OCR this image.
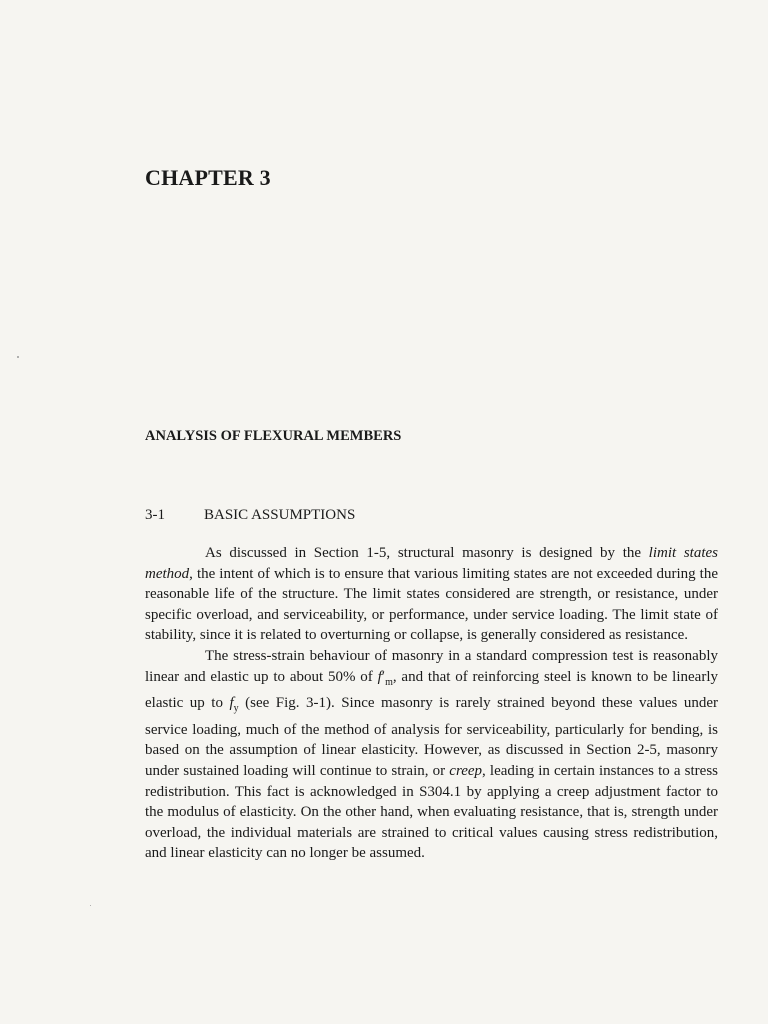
CHAPTER 3
ANALYSIS OF FLEXURAL MEMBERS
3-1	BASIC ASSUMPTIONS

As discussed in Section 1-5, structural masonry is designed by the limit states method, the intent of which is to ensure that various limiting states are not exceeded during the reasonable life of the structure. The limit states considered are strength, or resistance, under specific overload, and serviceability, or performance, under service loading. The limit state of stability, since it is related to overturning or collapse, is generally considered as resistance.

The stress-strain behaviour of masonry in a standard compression test is reasonably linear and elastic up to about 50% of $f'_m$, and that of reinforcing steel is known to be linearly elastic up to $f_y$ (see Fig. 3-1). Since masonry is rarely strained beyond these values under service loading, much of the method of analysis for serviceability, particularly for bending, is based on the assumption of linear elasticity. However, as discussed in Section 2-5, masonry under sustained loading will continue to strain, or creep, leading in certain instances to a stress redistribution. This fact is acknowledged in S304.1 by applying a creep adjustment factor to the modulus of elasticity. On the other hand, when evaluating resistance, that is, strength under overload, the individual materials are strained to critical values causing stress redistribution, and linear elasticity can no longer be assumed.
